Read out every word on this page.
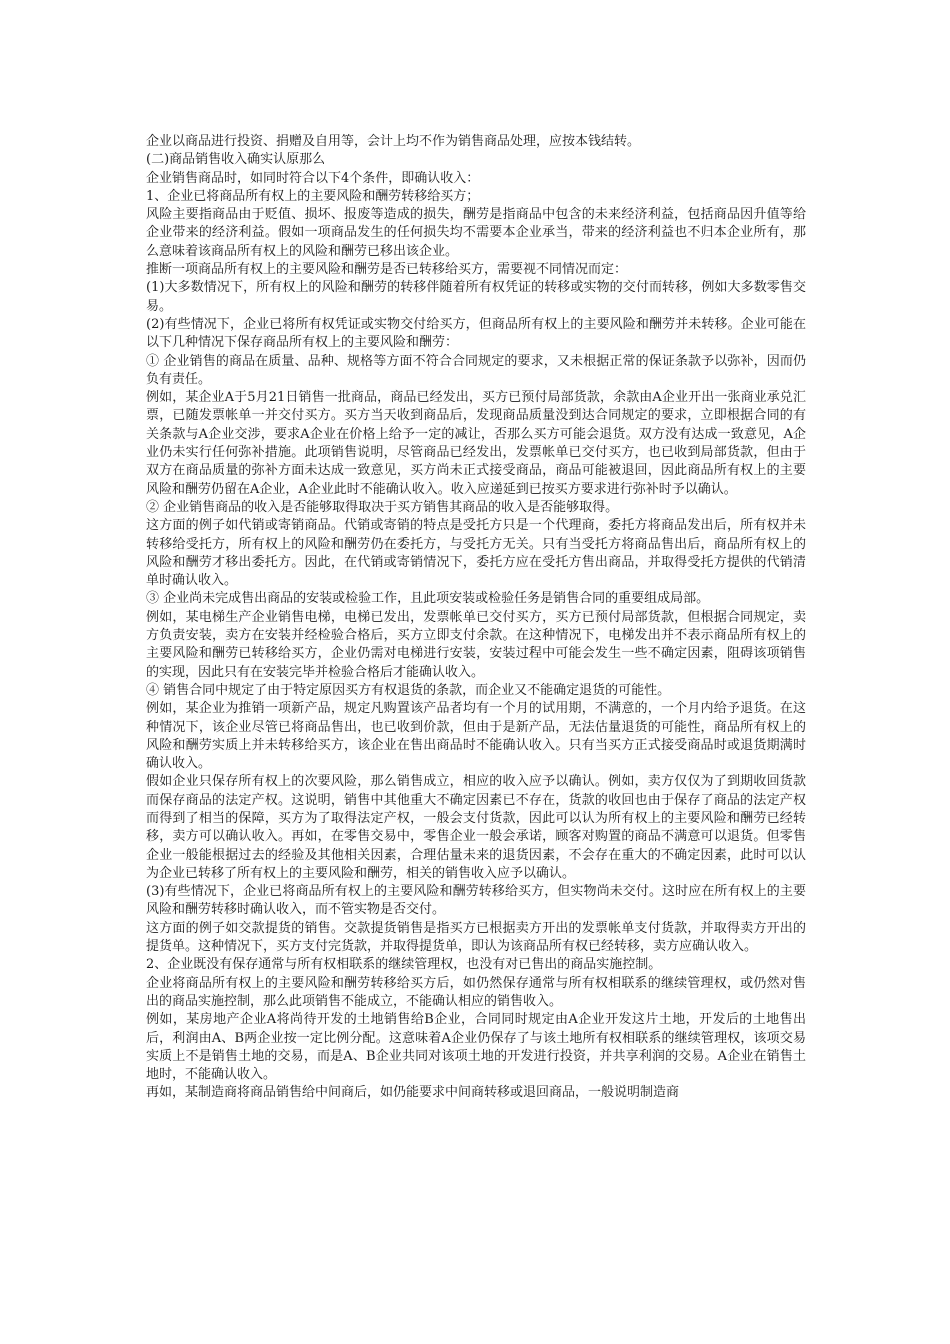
企业以商品进行投资、捐赠及自用等，会计上均不作为销售商品处理，应按本钱结转。

(二)商品销售收入确实认原那么

企业销售商品时，如同时符合以下4个条件，即确认收入：

1、企业已将商品所有权上的主要风险和酬劳转移给买方；

风险主要指商品由于贬值、损坏、报废等造成的损失，酬劳是指商品中包含的未来经济利益，包括商品因升值等给企业带来的经济利益。假如一项商品发生的任何损失均不需要本企业承当，带来的经济利益也不归本企业所有，那么意味着该商品所有权上的风险和酬劳已移出该企业。

推断一项商品所有权上的主要风险和酬劳是否已转移给买方，需要视不同情况而定：

(1)大多数情况下，所有权上的风险和酬劳的转移伴随着所有权凭证的转移或实物的交付而转移，例如大多数零售交易。

(2)有些情况下，企业已将所有权凭证或实物交付给买方，但商品所有权上的主要风险和酬劳并未转移。企业可能在以下几种情况下保存商品所有权上的主要风险和酬劳：

① 企业销售的商品在质量、品种、规格等方面不符合合同规定的要求，又未根据正常的保证条款予以弥补，因而仍负有责任。

例如，某企业A于5月21日销售一批商品，商品已经发出，买方已预付局部货款，余款由A企业开出一张商业承兑汇票，已随发票帐单一并交付买方。买方当天收到商品后，发现商品质量没到达合同规定的要求，立即根据合同的有关条款与A企业交涉，要求A企业在价格上给予一定的减让，否那么买方可能会退货。双方没有达成一致意见，A企业仍未实行任何弥补措施。此项销售说明，尽管商品已经发出，发票帐单已交付买方，也已收到局部货款，但由于双方在商品质量的弥补方面未达成一致意见，买方尚未正式接受商品，商品可能被退回，因此商品所有权上的主要风险和酬劳仍留在A企业，A企业此时不能确认收入。收入应递延到已按买方要求进行弥补时予以确认。

② 企业销售商品的收入是否能够取得取决于买方销售其商品的收入是否能够取得。

这方面的例子如代销或寄销商品。代销或寄销的特点是受托方只是一个代理商，委托方将商品发出后，所有权并未转移给受托方，所有权上的风险和酬劳仍在委托方，与受托方无关。只有当受托方将商品售出后，商品所有权上的风险和酬劳才移出委托方。因此，在代销或寄销情况下，委托方应在受托方售出商品，并取得受托方提供的代销清单时确认收入。

③ 企业尚未完成售出商品的安装或检验工作，且此项安装或检验任务是销售合同的重要组成局部。

例如，某电梯生产企业销售电梯，电梯已发出，发票帐单已交付买方，买方已预付局部货款，但根据合同规定，卖方负责安装，卖方在安装并经检验合格后，买方立即支付余款。在这种情况下，电梯发出并不表示商品所有权上的主要风险和酬劳已转移给买方，企业仍需对电梯进行安装，安装过程中可能会发生一些不确定因素，阻碍该项销售的实现，因此只有在安装完毕并检验合格后才能确认收入。

④ 销售合同中规定了由于特定原因买方有权退货的条款，而企业又不能确定退货的可能性。

例如，某企业为推销一项新产品，规定凡购置该产品者均有一个月的试用期，不满意的，一个月内给予退货。在这种情况下，该企业尽管已将商品售出，也已收到价款，但由于是新产品，无法估量退货的可能性，商品所有权上的风险和酬劳实质上并未转移给买方，该企业在售出商品时不能确认收入。只有当买方正式接受商品时或退货期满时确认收入。

假如企业只保存所有权上的次要风险，那么销售成立，相应的收入应予以确认。例如，卖方仅仅为了到期收回货款而保存商品的法定产权。这说明，销售中其他重大不确定因素已不存在，货款的收回也由于保存了商品的法定产权而得到了相当的保障，买方为了取得法定产权，一般会支付货款，因此可以认为所有权上的主要风险和酬劳已经转移，卖方可以确认收入。再如，在零售交易中，零售企业一般会承诺，顾客对购置的商品不满意可以退货。但零售企业一般能根据过去的经验及其他相关因素，合理估量未来的退货因素，不会存在重大的不确定因素，此时可以认为企业已转移了所有权上的主要风险和酬劳，相关的销售收入应予以确认。

(3)有些情况下，企业已将商品所有权上的主要风险和酬劳转移给买方，但实物尚未交付。这时应在所有权上的主要风险和酬劳转移时确认收入，而不管实物是否交付。

这方面的例子如交款提货的销售。交款提货销售是指买方已根据卖方开出的发票帐单支付货款，并取得卖方开出的提货单。这种情况下，买方支付完货款，并取得提货单，即认为该商品所有权已经转移，卖方应确认收入。

2、企业既没有保存通常与所有权相联系的继续管理权，也没有对已售出的商品实施控制。

企业将商品所有权上的主要风险和酬劳转移给买方后，如仍然保存通常与所有权相联系的继续管理权，或仍然对售出的商品实施控制，那么此项销售不能成立，不能确认相应的销售收入。

例如，某房地产企业A将尚待开发的土地销售给B企业，合同同时规定由A企业开发这片土地，开发后的土地售出后，利润由A、B两企业按一定比例分配。这意味着A企业仍保存了与该土地所有权相联系的继续管理权，该项交易实质上不是销售土地的交易，而是A、B企业共同对该项土地的开发进行投资，并共享利润的交易。A企业在销售土地时，不能确认收入。

再如，某制造商将商品销售给中间商后，如仍能要求中间商转移或退回商品，一般说明制造商
